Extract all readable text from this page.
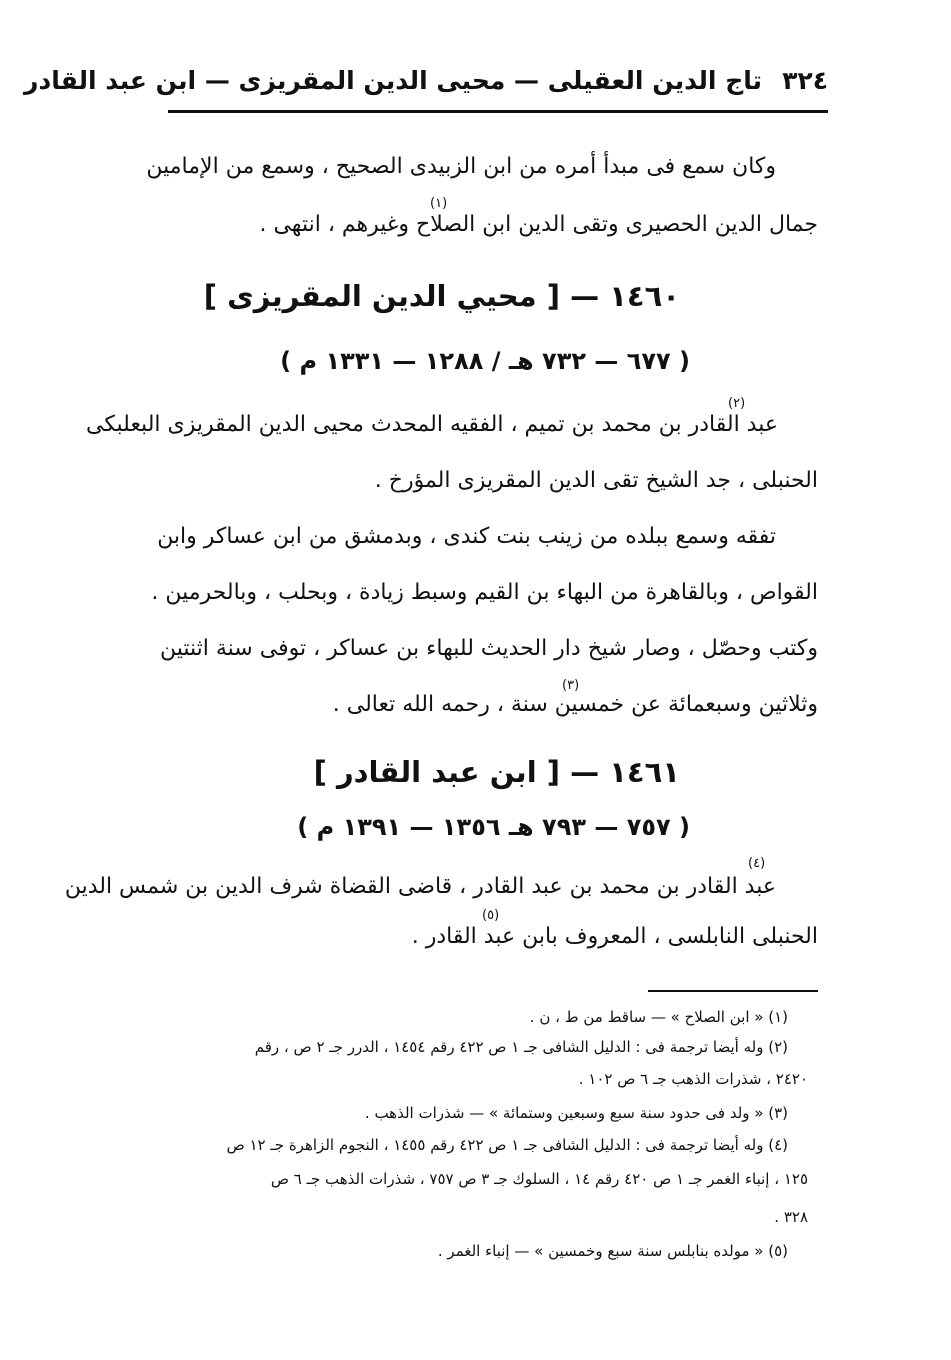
٣٢٤
تاج الدين العقيلى — محيى الدين المقريزى — ابن عبد القادر
وكان سمع فى مبدأ أمره من ابن الزبيدى الصحيح ، وسمع من الإمامين
(١)
جمال الدين الحصيرى وتقى الدين ابن الصلاح وغيرهم ، انتهى .
١٤٦٠ — [ محيي الدين المقريزى ]
( ٦٧٧ — ٧٣٢ هـ / ١٢٨٨ — ١٣٣١ م )
(٢)
عبد القادر بن محمد بن تميم ، الفقيه المحدث محيى الدين المقريزى البعلبكى
الحنبلى ، جد الشيخ تقى الدين المقريزى المؤرخ .
تفقه وسمع ببلده من زينب بنت كندى ، وبدمشق من ابن عساكر وابن
القواص ، وبالقاهرة من البهاء بن القيم وسبط زيادة ، وبحلب ، وبالحرمين .
وكتب وحصّل ، وصار شيخ دار الحديث للبهاء بن عساكر ، توفى سنة اثنتين
(٣)
وثلاثين وسبعمائة عن خمسين سنة ، رحمه الله تعالى .
١٤٦١ — [ ابن عبد القادر ]
( ٧٥٧ — ٧٩٣ هـ ١٣٥٦ — ١٣٩١ م )
(٤)
عبد القادر بن محمد بن عبد القادر ، قاضى القضاة شرف الدين بن شمس الدين
(٥)
الحنبلى النابلسى ، المعروف بابن عبد القادر .
(١) « ابن الصلاح » — ساقط من ط ، ن .
(٢) وله أيضا ترجمة فى : الدليل الشافى جـ ١ ص ٤٢٢ رقم ١٤٥٤ ، الدرر جـ ٢ ص ، رقم
٢٤٢٠ ، شذرات الذهب جـ ٦ ص ١٠٢ .
(٣) « ولد فى حدود سنة سبع وسبعين وستمائة » — شذرات الذهب .
(٤) وله أيضا ترجمة فى : الدليل الشافى جـ ١ ص ٤٢٢ رقم ١٤٥٥ ، النجوم الزاهرة جـ ١٢ ص
١٢٥ ، إنباء الغمر جـ ١ ص ٤٢٠ رقم ١٤ ، السلوك جـ ٣ ص ٧٥٧ ، شذرات الذهب جـ ٦ ص
٣٢٨ .
(٥) « مولده بنابلس سنة سبع وخمسين » — إنباء الغمر .
